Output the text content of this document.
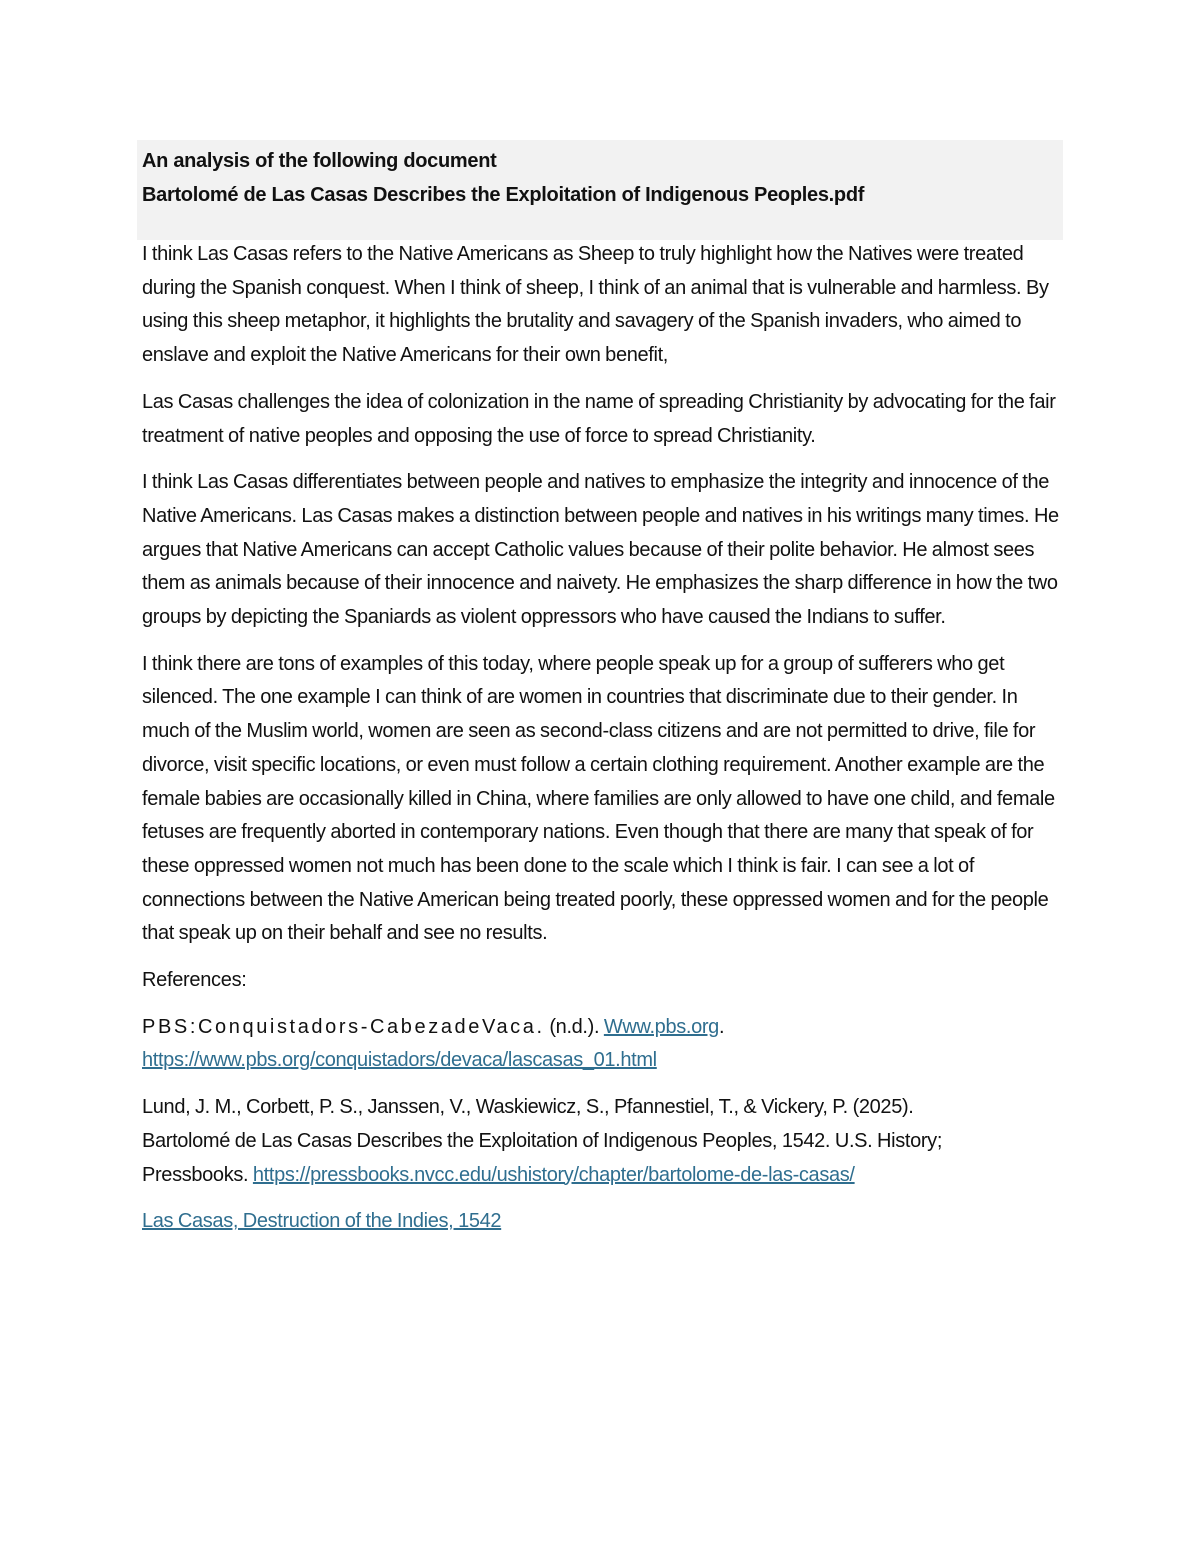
An analysis of the following document
Bartolomé de Las Casas Describes the Exploitation of Indigenous Peoples.pdf

I think Las Casas refers to the Native Americans as Sheep to truly highlight how the Natives were treated during the Spanish conquest. When I think of sheep, I think of an animal that is vulnerable and harmless. By using this sheep metaphor, it highlights the brutality and savagery of the Spanish invaders, who aimed to enslave and exploit the Native Americans for their own benefit,

Las Casas challenges the idea of colonization in the name of spreading Christianity by advocating for the fair treatment of native peoples and opposing the use of force to spread Christianity.

I think Las Casas differentiates between people and natives to emphasize the integrity and innocence of the Native Americans. Las Casas makes a distinction between people and natives in his writings many times. He argues that Native Americans can accept Catholic values because of their polite behavior. He almost sees them as animals because of their innocence and naivety. He emphasizes the sharp difference in how the two groups by depicting the Spaniards as violent oppressors who have caused the Indians to suffer.

I think there are tons of examples of this today, where people speak up for a group of sufferers who get silenced. The one example I can think of are women in countries that discriminate due to their gender. In much of the Muslim world, women are seen as second-class citizens and are not permitted to drive, file for divorce, visit specific locations, or even must follow a certain clothing requirement. Another example are the female babies are occasionally killed in China, where families are only allowed to have one child, and female fetuses are frequently aborted in contemporary nations. Even though that there are many that speak of for these oppressed women not much has been done to the scale which I think is fair. I can see a lot of connections between the Native American being treated poorly, these oppressed women and for the people that speak up on their behalf and see no results.

References:

PBS:Conquistadors-CabezadeVaca. (n.d.). Www.pbs.org.
https://www.pbs.org/conquistadors/devaca/lascasas_01.html

Lund, J. M., Corbett, P. S., Janssen, V., Waskiewicz, S., Pfannestiel, T., & Vickery, P. (2025).
Bartolomé de Las Casas Describes the Exploitation of Indigenous Peoples, 1542. U.S. History;
Pressbooks. https://pressbooks.nvcc.edu/ushistory/chapter/bartolome-de-las-casas/

Las Casas, Destruction of the Indies, 1542
